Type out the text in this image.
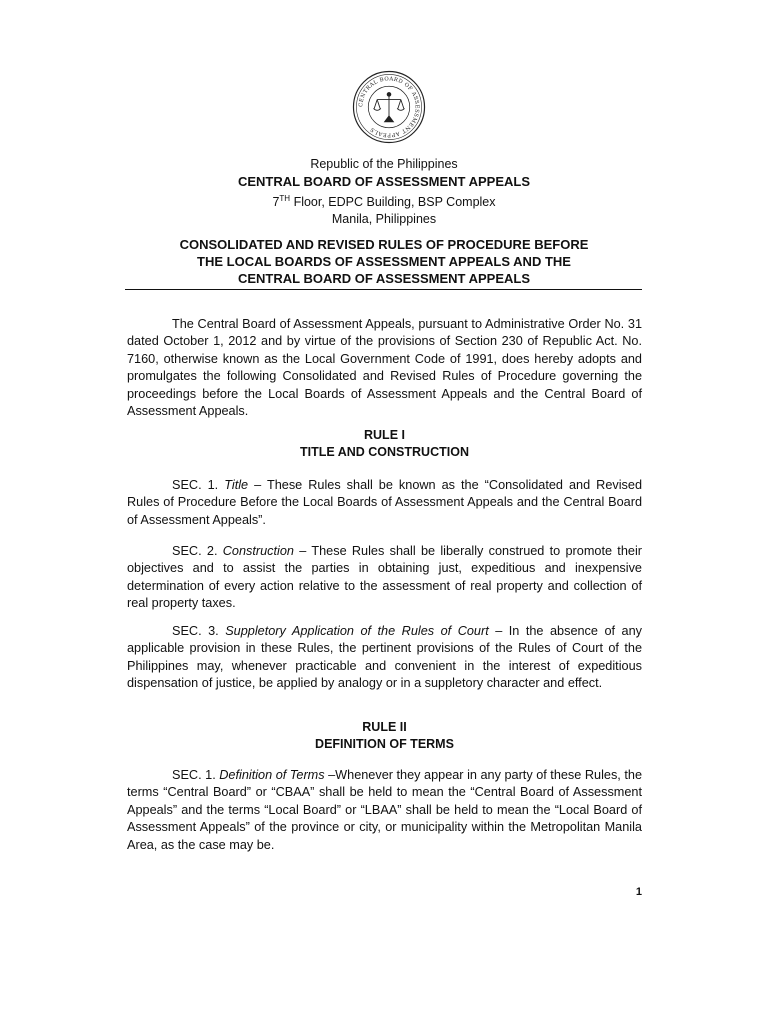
CENTRAL BOARD OF ASSESSMENT APPEALS
Republic of the Philippines
CENTRAL BOARD OF ASSESSMENT APPEALS
7TH Floor, EDPC Building, BSP Complex
Manila, Philippines
CONSOLIDATED AND REVISED RULES OF PROCEDURE BEFORE
THE LOCAL BOARDS OF ASSESSMENT APPEALS AND THE
CENTRAL BOARD OF ASSESSMENT APPEALS

The Central Board of Assessment Appeals, pursuant to Administrative Order No. 31 dated October 1, 2012 and by virtue of the provisions of Section 230 of Republic Act. No. 7160, otherwise known as the Local Government Code of 1991, does hereby adopts and promulgates the following Consolidated and Revised Rules of Procedure governing the proceedings before the Local Boards of Assessment Appeals and the Central Board of Assessment Appeals.

RULE I

TITLE AND CONSTRUCTION

SEC. 1. Title – These Rules shall be known as the “Consolidated and Revised Rules of Procedure Before the Local Boards of Assessment Appeals and the Central Board of Assessment Appeals”.

SEC. 2. Construction – These Rules shall be liberally construed to promote their objectives and to assist the parties in obtaining just, expeditious and inexpensive determination of every action relative to the assessment of real property and collection of real property taxes.

SEC. 3. Suppletory Application of the Rules of Court – In the absence of any applicable provision in these Rules, the pertinent provisions of the Rules of Court of the Philippines may, whenever practicable and convenient in the interest of expeditious dispensation of justice, be applied by analogy or in a suppletory character and effect.

RULE II

DEFINITION OF TERMS

SEC. 1. Definition of Terms –Whenever they appear in any party of these Rules, the terms “Central Board” or “CBAA” shall be held to mean the “Central Board of Assessment Appeals” and the terms “Local Board” or “LBAA” shall be held to mean the “Local Board of Assessment Appeals” of the province or city, or municipality within the Metropolitan Manila Area, as the case may be.

1
